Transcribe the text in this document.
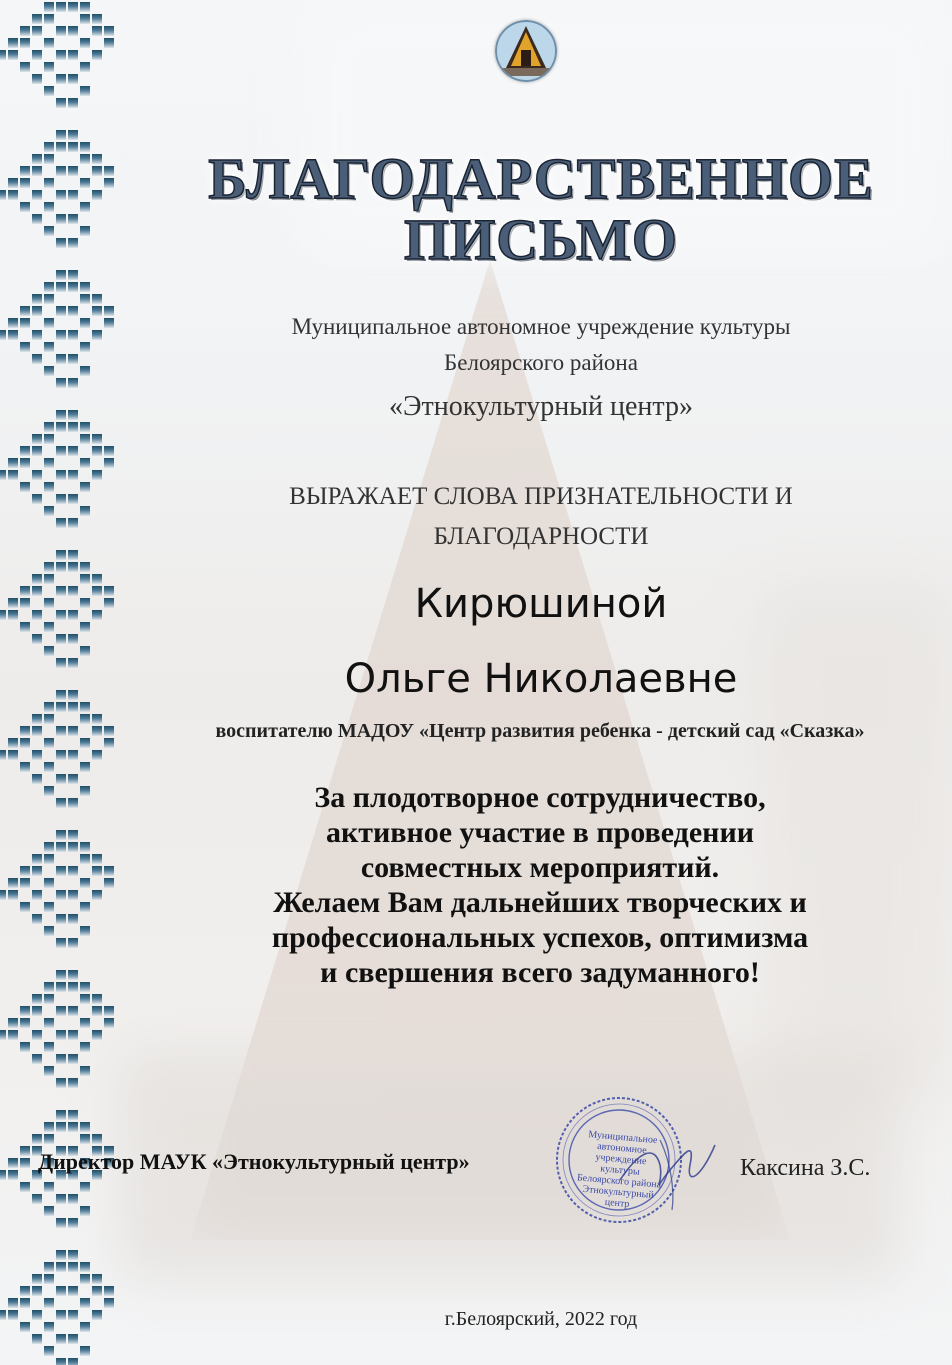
БЛАГОДАРСТВЕННОЕ
ПИСЬМО
Муниципальное автономное учреждение культуры
Белоярского района
«Этнокультурный центр»
ВЫРАЖАЕТ СЛОВА ПРИЗНАТЕЛЬНОСТИ И
БЛАГОДАРНОСТИ
Кирюшиной
Ольге Николаевне
воспитателю МАДОУ «Центр развития ребенка - детский сад «Сказка»
За плодотворное сотрудничество,
активное участие в проведении
совместных мероприятий.
Желаем Вам дальнейших творческих и
профессиональных успехов, оптимизма
и свершения всего задуманного!
Директор МАУК «Этнокультурный центр»
Муниципальное автономное учреждение культуры Белоярского района Этнокультурный центр
Каксина З.С.
г.Белоярский, 2022 год
